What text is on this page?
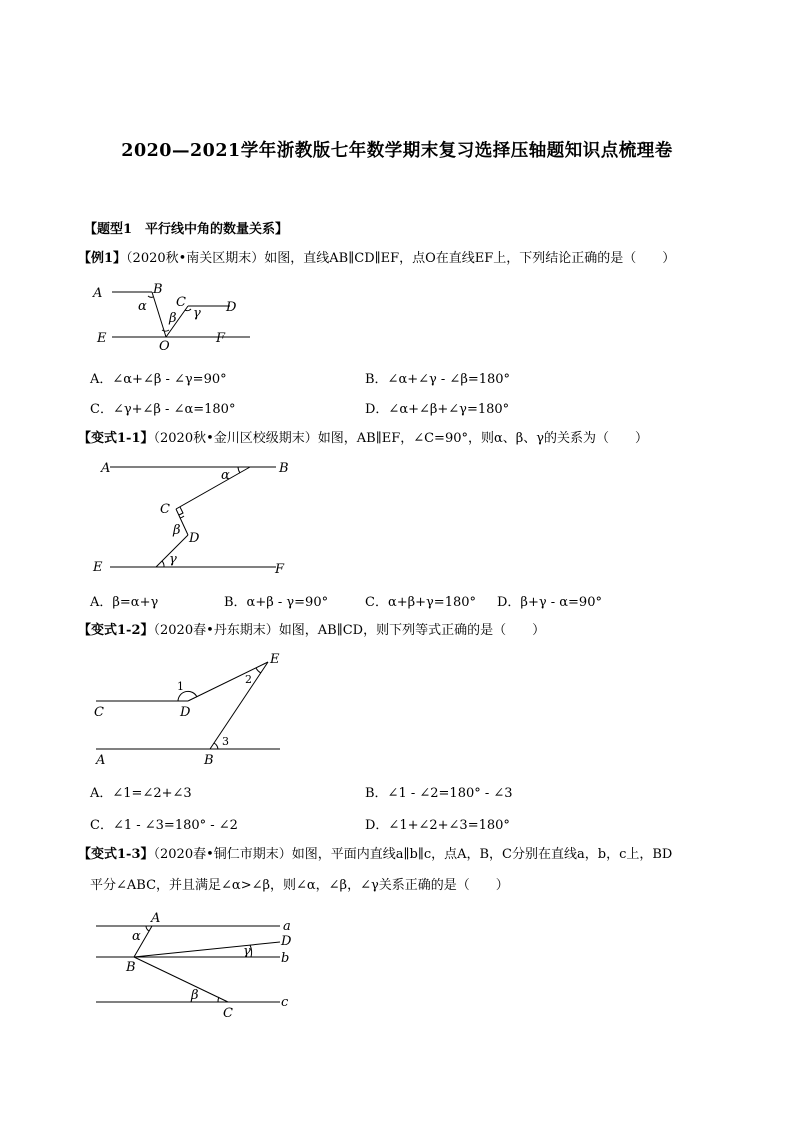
2020—2021学年浙教版七年数学期末复习选择压轴题知识点梳理卷
【题型1　平行线中角的数量关系】
【例1】（2020秋•南关区期末）如图，直线AB∥CD∥EF，点O在直线EF上，下列结论正确的是（　　）
A	B
C	D
E	F
O
α
β γ
A．∠α+∠β - ∠γ=90°	B．∠α+∠γ - ∠β=180°
C．∠γ+∠β - ∠α=180°	D．∠α+∠β+∠γ=180°
【变式1-1】（2020秋•金川区校级期末）如图，AB∥EF，∠C=90°，则α、β、γ的关系为（　　）
A	B
C
D
E	F
α
β
γ
A．β=α+γ	B．α+β - γ=90°	C．α+β+γ=180° D．β+γ - α=90°
【变式1-2】（2020春•丹东期末）如图，AB∥CD，则下列等式正确的是（　　）
C	D
E
A	B
1
2
3
A．∠1=∠2+∠3	B．∠1 - ∠2=180° - ∠3
C．∠1 - ∠3=180° - ∠2	D．∠1+∠2+∠3=180°
【变式1-3】（2020春•铜仁市期末）如图，平面内直线a∥b∥c，点A，B，C分别在直线a，b，c上，BD
平分∠ABC，并且满足∠α>∠β，则∠α，∠β，∠γ关系正确的是（　　）
A
a
D
b
B
c
C
α
β
γ
